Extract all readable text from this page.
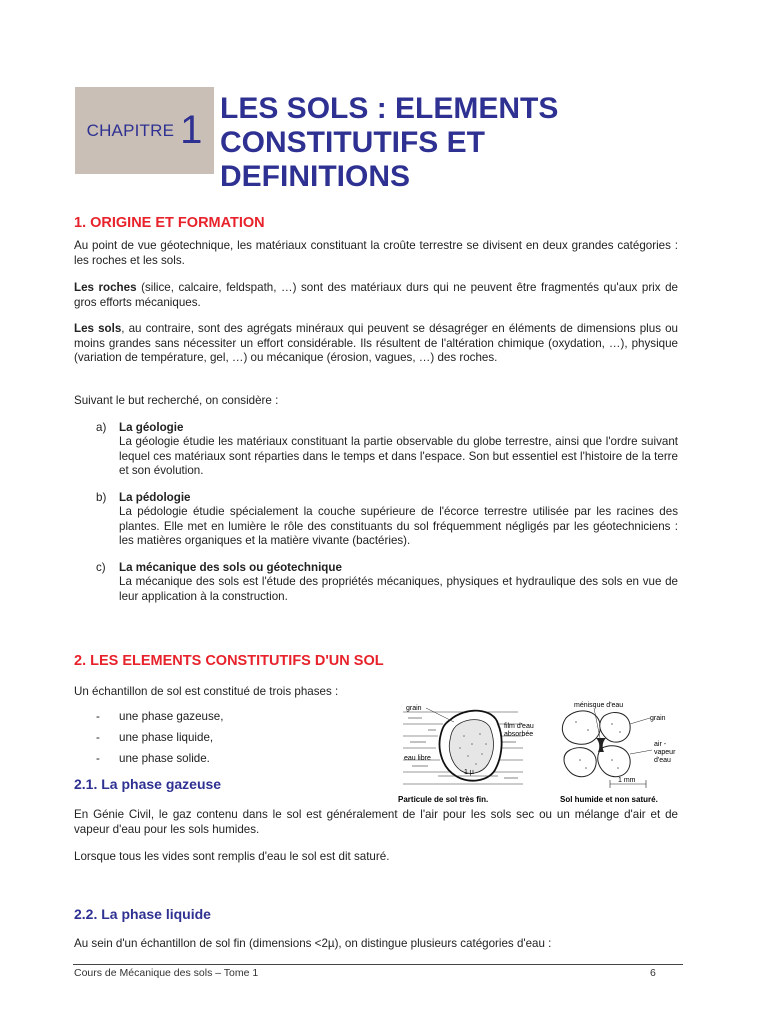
CHAPITRE 1 LES SOLS : ELEMENTS
CONSTITUTIFS ET
DEFINITIONS
1. ORIGINE ET FORMATION
Au point de vue géotechnique, les matériaux constituant la croûte terrestre se divisent en deux grandes catégories : les roches et les sols.
Les roches (silice, calcaire, feldspath, …) sont des matériaux durs qui ne peuvent être fragmentés qu'aux prix de gros efforts mécaniques.
Les sols, au contraire, sont des agrégats minéraux qui peuvent se désagréger en éléments de dimensions plus ou moins grandes sans nécessiter un effort considérable. Ils résultent de l'altération chimique (oxydation, …), physique (variation de température, gel, …) ou mécanique (érosion, vagues, …) des roches.
Suivant le but recherché, on considère :
a) La géologie
La géologie étudie les matériaux constituant la partie observable du globe terrestre, ainsi que l'ordre suivant lequel ces matériaux sont réparties dans le temps et dans l'espace. Son but essentiel est l'histoire de la terre et son évolution.
b) La pédologie
La pédologie étudie spécialement la couche supérieure de l'écorce terrestre utilisée par les racines des plantes. Elle met en lumière le rôle des constituants du sol fréquemment négligés par les géotechniciens : les matières organiques et la matière vivante (bactéries).
c) La mécanique des sols ou géotechnique
La mécanique des sols est l'étude des propriétés mécaniques, physiques et hydraulique des sols en vue de leur application à la construction.
2. LES ELEMENTS CONSTITUTIFS D'UN SOL
Un échantillon de sol est constitué de trois phases :
- une phase gazeuse,
- une phase liquide,
- une phase solide.
2.1. La phase gazeuse
grain
film d'eau
absorbée
eau libre
1 µ
ménisque d'eau
grain
air -
vapeur
d'eau
1 mm
Particule de sol très fin.	Sol humide et non saturé.
En Génie Civil, le gaz contenu dans le sol est généralement de l'air pour les sols sec ou un mélange d'air et de vapeur d'eau pour les sols humides.
Lorsque tous les vides sont remplis d'eau le sol est dit saturé.
2.2. La phase liquide
Au sein d'un échantillon de sol fin (dimensions <2µ), on distingue plusieurs catégories d'eau :
Cours de Mécanique des sols – Tome 1	6
